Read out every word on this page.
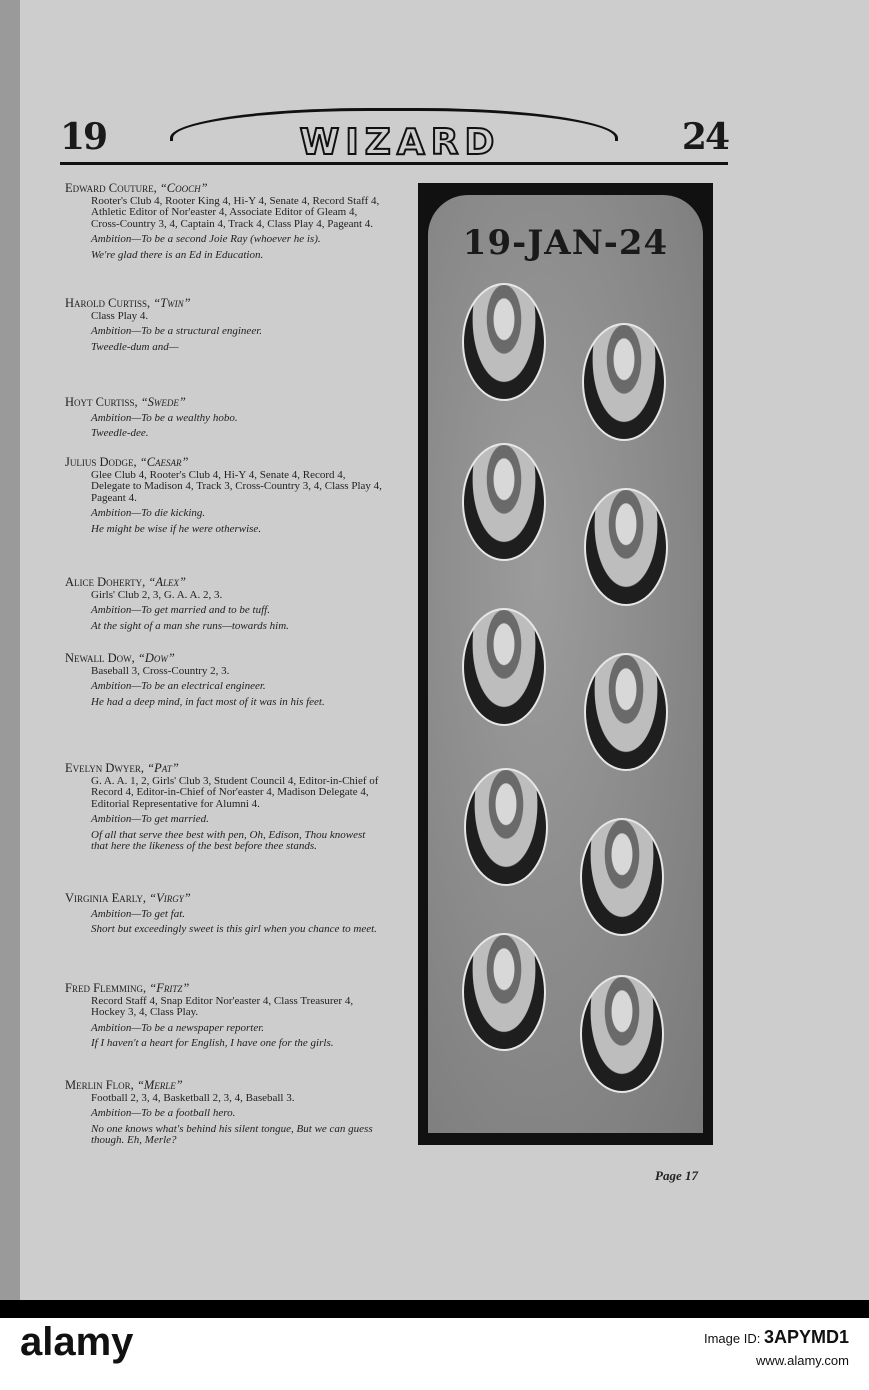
19	WIZARD	24
Edward Couture, “Cooch”
Rooter's Club 4, Rooter King 4, Hi-Y 4, Senate 4, Record Staff 4, Athletic Editor of Nor'easter 4, Associate Editor of Gleam 4, Cross-Country 3, 4, Captain 4, Track 4, Class Play 4, Pageant 4.
Ambition—To be a second Joie Ray (whoever he is).
We're glad there is an Ed in Education.
Harold Curtiss, “Twin”
Class Play 4.
Ambition—To be a structural engineer.
Tweedle-dum and—
Hoyt Curtiss, “Swede”
Ambition—To be a wealthy hobo.
Tweedle-dee.
Julius Dodge, “Caesar”
Glee Club 4, Rooter's Club 4, Hi-Y 4, Senate 4, Record 4, Delegate to Madison 4, Track 3, Cross-Country 3, 4, Class Play 4, Pageant 4.
Ambition—To die kicking.
He might be wise if he were otherwise.
Alice Doherty, “Alex”
Girls' Club 2, 3, G. A. A. 2, 3.
Ambition—To get married and to be tuff.
At the sight of a man she runs—towards him.
Newall Dow, “Dow”
Baseball 3, Cross-Country 2, 3.
Ambition—To be an electrical engineer.
He had a deep mind, in fact most of it was in his feet.
Evelyn Dwyer, “Pat”
G. A. A. 1, 2, Girls' Club 3, Student Council 4, Editor-in-Chief of Record 4, Editor-in-Chief of Nor'easter 4, Madison Delegate 4, Editorial Representative for Alumni 4.
Ambition—To get married.
Of all that serve thee best with pen, Oh, Edison, Thou knowest that here the likeness of the best before thee stands.
Virginia Early, “Virgy”
Ambition—To get fat.
Short but exceedingly sweet is this girl when you chance to meet.
Fred Flemming, “Fritz”
Record Staff 4, Snap Editor Nor'easter 4, Class Treasurer 4, Hockey 3, 4, Class Play.
Ambition—To be a newspaper reporter.
If I haven't a heart for English, I have one for the girls.
Merlin Flor, “Merle”
Football 2, 3, 4, Basketball 2, 3, 4, Baseball 3.
Ambition—To be a football hero.
No one knows what's behind his silent tongue, But we can guess though. Eh, Merle?
19-JAN-24
Page 17
alamy	Image ID: 3APYMD1
www.alamy.com
